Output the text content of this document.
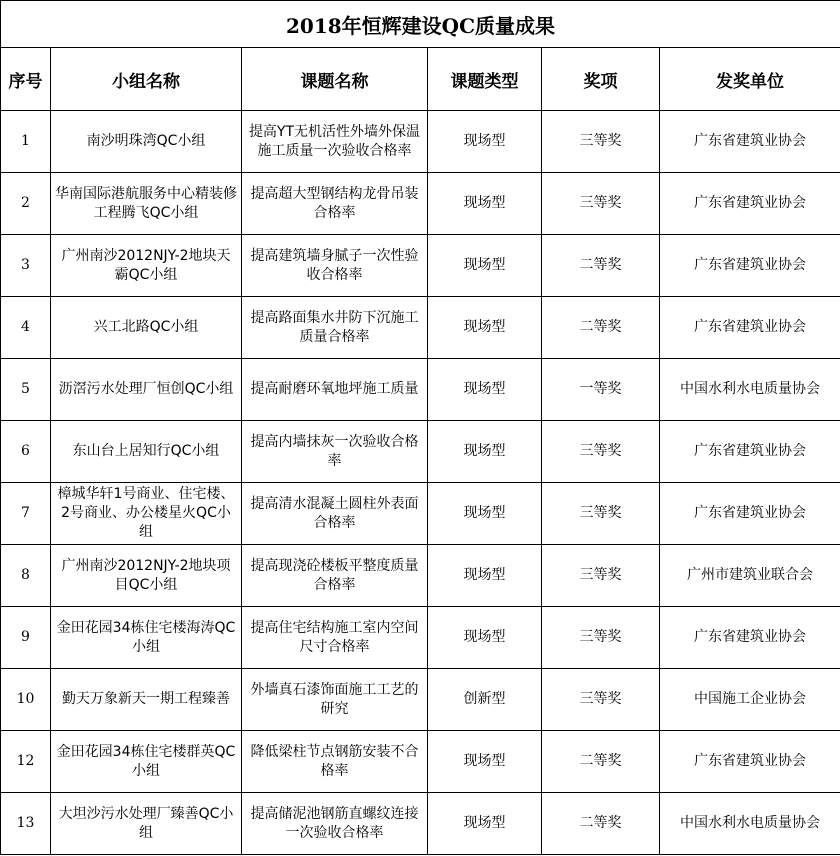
2018年恒辉建设QC质量成果					
序号	小组名称	课题名称	课题类型	奖项	发奖单位
1	南沙明珠湾QC小组	提高YT无机活性外墙外保温施工质量一次验收合格率	现场型	三等奖	广东省建筑业协会
2	华南国际港航服务中心精装修工程腾飞QC小组	提高超大型钢结构龙骨吊装合格率	现场型	三等奖	广东省建筑业协会
3	广州南沙2012NJY-2地块天霸QC小组	提高建筑墙身腻子一次性验收合格率	现场型	二等奖	广东省建筑业协会
4	兴工北路QC小组	提高路面集水井防下沉施工质量合格率	现场型	二等奖	广东省建筑业协会
5	沥滘污水处理厂恒创QC小组	提高耐磨环氧地坪施工质量	现场型	一等奖	中国水利水电质量协会
6	东山台上居知行QC小组	提高内墙抹灰一次验收合格率	现场型	三等奖	广东省建筑业协会
7	樟城华轩1号商业、住宅楼、2号商业、办公楼星火QC小组	提高清水混凝土圆柱外表面合格率	现场型	三等奖	广东省建筑业协会
8	广州南沙2012NJY-2地块项目QC小组	提高现浇砼楼板平整度质量合格率	现场型	三等奖	广州市建筑业联合会
9	金田花园34栋住宅楼海涛QC小组	提高住宅结构施工室内空间尺寸合格率	现场型	三等奖	广东省建筑业协会
10	勤天万象新天一期工程臻善	外墙真石漆饰面施工工艺的研究	创新型	三等奖	中国施工企业协会
12	金田花园34栋住宅楼群英QC小组	降低梁柱节点钢筋安装不合格率	现场型	二等奖	广东省建筑业协会
13	大坦沙污水处理厂臻善QC小组	提高储泥池钢筋直螺纹连接一次验收合格率	现场型	二等奖	中国水利水电质量协会
